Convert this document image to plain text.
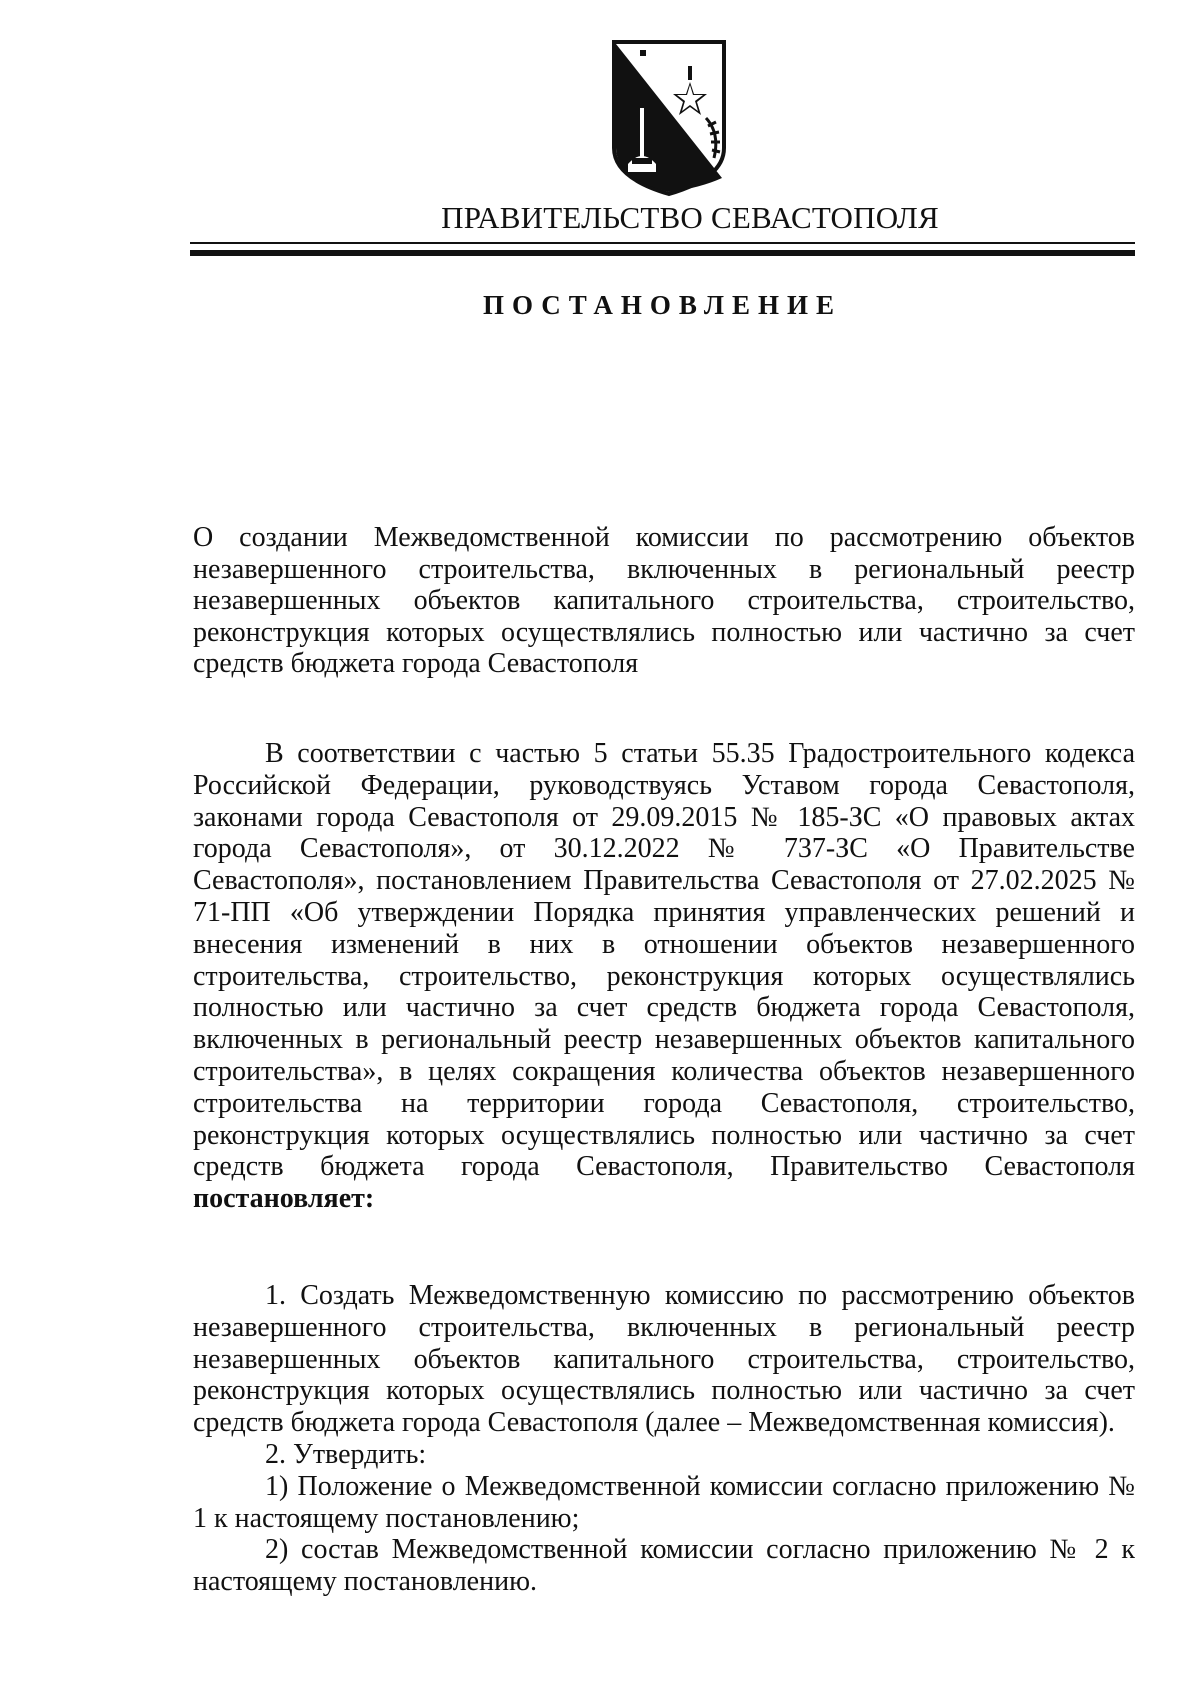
ПРАВИТЕЛЬСТВО СЕВАСТОПОЛЯ
ПОСТАНОВЛЕНИЕ

О создании Межведомственной комиссии по рассмотрению объектов незавершенного строительства, включенных в региональный реестр незавершенных объектов капитального строительства, строительство, реконструкция которых осуществлялись полностью или частично за счет средств бюджета города Севастополя

В соответствии с частью 5 статьи 55.35 Градостроительного кодекса Российской Федерации, руководствуясь Уставом города Севастополя, законами города Севастополя от 29.09.2015 № 185-ЗС «О правовых актах города Севастополя», от 30.12.2022 № 737-ЗС «О Правительстве Севастополя», постановлением Правительства Севастополя от 27.02.2025 № 71-ПП «Об утверждении Порядка принятия управленческих решений и внесения изменений в них в отношении объектов незавершенного строительства, строительство, реконструкция которых осуществлялись полностью или частично за счет средств бюджета города Севастополя, включенных в региональный реестр незавершенных объектов капитального строительства», в целях сокращения количества объектов незавершенного строительства на территории города Севастополя, строительство, реконструкция которых осуществлялись полностью или частично за счет средств бюджета города Севастополя, Правительство Севастополя постановляет:

1. Создать Межведомственную комиссию по рассмотрению объектов незавершенного строительства, включенных в региональный реестр незавершенных объектов капитального строительства, строительство, реконструкция которых осуществлялись полностью или частично за счет средств бюджета города Севастополя (далее – Межведомственная комиссия).

2. Утвердить:

1) Положение о Межведомственной комиссии согласно приложению № 1 к настоящему постановлению;

2) состав Межведомственной комиссии согласно приложению № 2 к настоящему постановлению.
